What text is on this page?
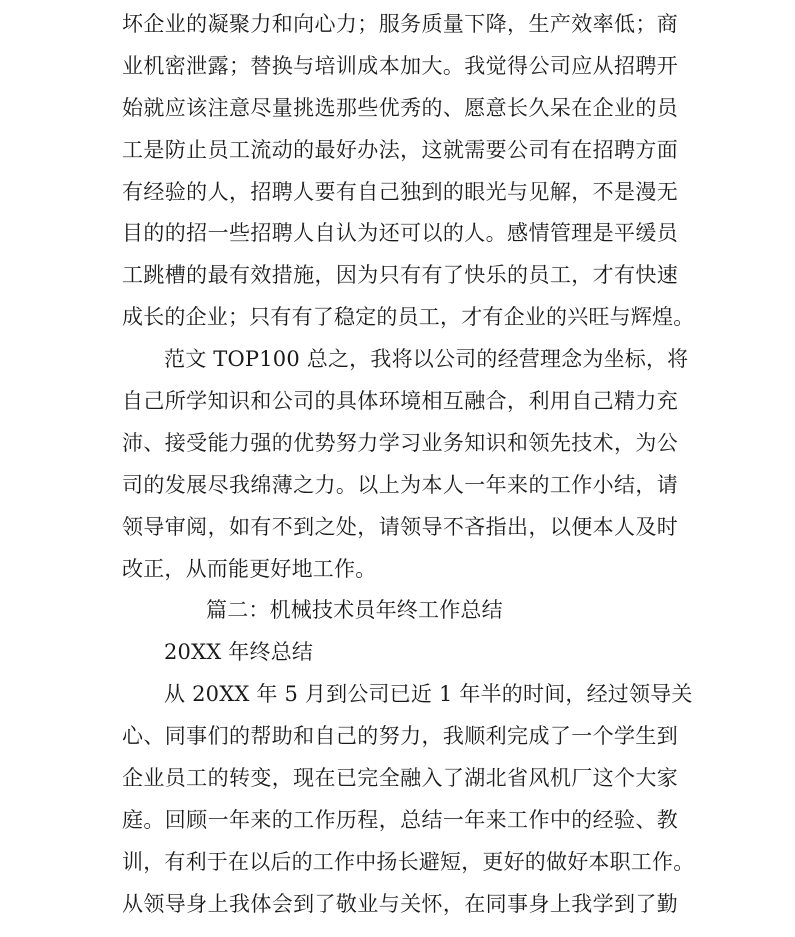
坏企业的凝聚力和向心力；服务质量下降，生产效率低；商
业机密泄露；替换与培训成本加大。我觉得公司应从招聘开
始就应该注意尽量挑选那些优秀的、愿意长久呆在企业的员
工是防止员工流动的最好办法，这就需要公司有在招聘方面
有经验的人，招聘人要有自己独到的眼光与见解，不是漫无
目的的招一些招聘人自认为还可以的人。感情管理是平缓员
工跳槽的最有效措施，因为只有有了快乐的员工，才有快速
成长的企业；只有有了稳定的员工，才有企业的兴旺与辉煌。
范文 TOP100 总之，我将以公司的经营理念为坐标，将
自己所学知识和公司的具体环境相互融合，利用自己精力充
沛、接受能力强的优势努力学习业务知识和领先技术，为公
司的发展尽我绵薄之力。以上为本人一年来的工作小结，请
领导审阅，如有不到之处，请领导不吝指出，以便本人及时
改正，从而能更好地工作。
篇二：机械技术员年终工作总结
20XX 年终总结
从 20XX 年 5 月到公司已近 1 年半的时间，经过领导关
心、同事们的帮助和自己的努力，我顺利完成了一个学生到
企业员工的转变，现在已完全融入了湖北省风机厂这个大家
庭。回顾一年来的工作历程，总结一年来工作中的经验、教
训，有利于在以后的工作中扬长避短，更好的做好本职工作。
从领导身上我体会到了敬业与关怀，在同事身上我学到了勤
